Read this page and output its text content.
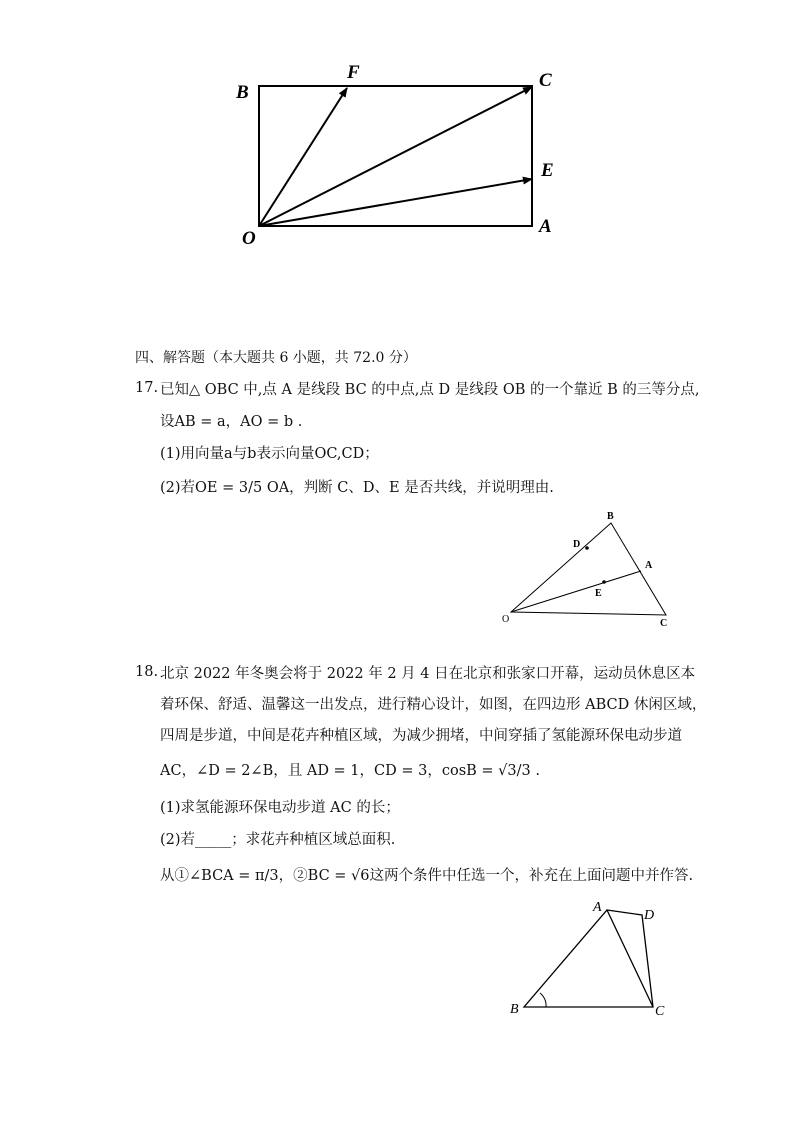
B
F	C
E
O
A
四、解答题（本大题共 6 小题，共 72.0 分）
17. 已知△ OBC 中,点 A 是线段 BC 的中点,点 D 是线段 OB 的一个靠近 B 的三等分点,
设AB = a，AO = b .
(1)用向量a与b表示向量OC,CD；
(2)若OE = 3/5 OA，判断 C、D、E 是否共线，并说明理由.
B
D
A
E
O	C
18. 北京 2022 年冬奥会将于 2022 年 2 月 4 日在北京和张家口开幕，运动员休息区本
着环保、舒适、温馨这一出发点，进行精心设计，如图，在四边形 ABCD 休闲区域，
四周是步道，中间是花卉种植区域，为减少拥堵，中间穿插了氢能源环保电动步道
AC，∠D = 2∠B，且 AD = 1，CD = 3，cosB = √3/3 .
(1)求氢能源环保电动步道 AC 的长；
(2)若_____；求花卉种植区域总面积.
从①∠BCA = π/3，②BC = √6这两个条件中任选一个，补充在上面问题中并作答.
A
D
B	C
